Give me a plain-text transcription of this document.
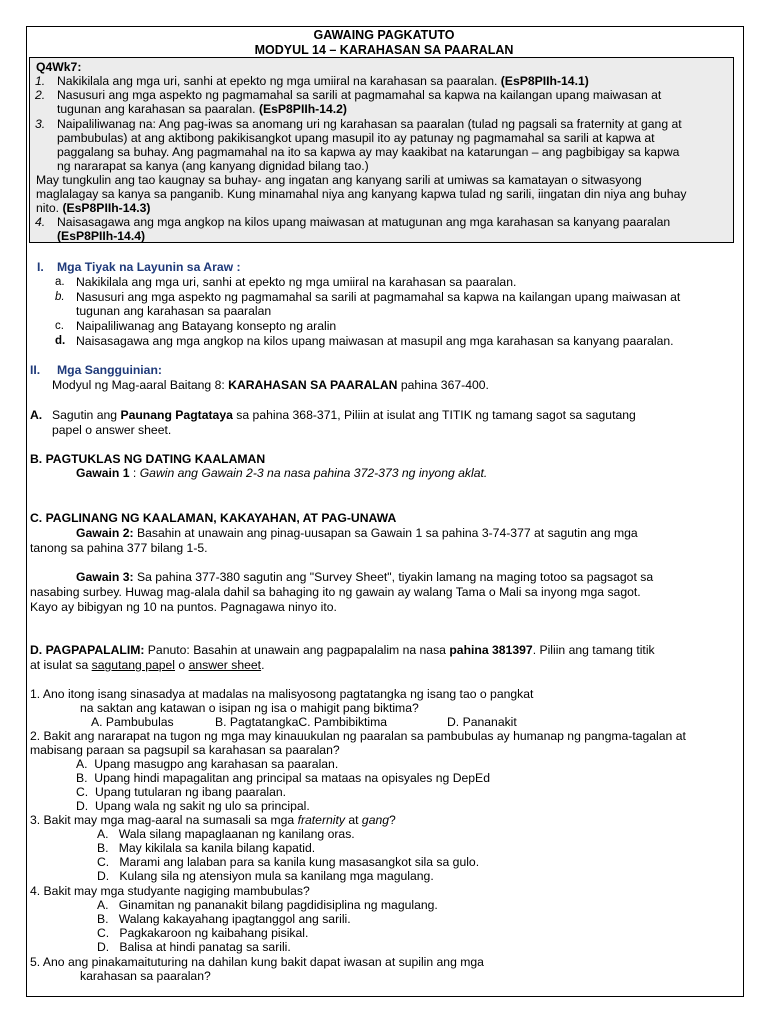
GAWAING PAGKATUTO
MODYUL 14 – KARAHASAN SA PAARALAN
Q4Wk7:
1. Nakikilala ang mga uri, sanhi at epekto ng mga umiiral na karahasan sa paaralan. (EsP8PIIh-14.1)
2. Nasusuri ang mga aspekto ng pagmamahal sa sarili at pagmamahal sa kapwa na kailangan upang maiwasan at
tugunan ang karahasan sa paaralan. (EsP8PIIh-14.2)
3. Naipaliliwanag na: Ang pag-iwas sa anomang uri ng karahasan sa paaralan (tulad ng pagsali sa fraternity at gang at
pambubulas) at ang aktibong pakikisangkot upang masupil ito ay patunay ng pagmamahal sa sarili at kapwa at
paggalang sa buhay. Ang pagmamahal na ito sa kapwa ay may kaakibat na katarungan – ang pagbibigay sa kapwa
ng nararapat sa kanya (ang kanyang dignidad bilang tao.)
May tungkulin ang tao kaugnay sa buhay- ang ingatan ang kanyang sarili at umiwas sa kamatayan o sitwasyong
maglalagay sa kanya sa panganib. Kung minamahal niya ang kanyang kapwa tulad ng sarili, iingatan din niya ang buhay
nito. (EsP8PIIh-14.3)
4. Naisasagawa ang mga angkop na kilos upang maiwasan at matugunan ang mga karahasan sa kanyang paaralan
(EsP8PIIh-14.4)
I. Mga Tiyak na Layunin sa Araw :
a. Nakikilala ang mga uri, sanhi at epekto ng mga umiiral na karahasan sa paaralan.
b. Nasusuri ang mga aspekto ng pagmamahal sa sarili at pagmamahal sa kapwa na kailangan upang maiwasan at
tugunan ang karahasan sa paaralan
c. Naipaliliwanag ang Batayang konsepto ng aralin
d. Naisasagawa ang mga angkop na kilos upang maiwasan at masupil ang mga karahasan sa kanyang paaralan.
II. Mga Sangguinian:
Modyul ng Mag-aaral Baitang 8: KARAHASAN SA PAARALAN pahina 367-400.
A. Sagutin ang Paunang Pagtataya sa pahina 368-371, Piliin at isulat ang TITIK ng tamang sagot sa sagutang
papel o answer sheet.
B. PAGTUKLAS NG DATING KAALAMAN
Gawain 1 : Gawin ang Gawain 2-3 na nasa pahina 372-373 ng inyong aklat.
C. PAGLINANG NG KAALAMAN, KAKAYAHAN, AT PAG-UNAWA
Gawain 2: Basahin at unawain ang pinag-uusapan sa Gawain 1 sa pahina 3-74-377 at sagutin ang mga
tanong sa pahina 377 bilang 1-5.
Gawain 3: Sa pahina 377-380 sagutin ang "Survey Sheet", tiyakin lamang na maging totoo sa pagsagot sa
nasabing surbey. Huwag mag-alala dahil sa bahaging ito ng gawain ay walang Tama o Mali sa inyong mga sagot.
Kayo ay bibigyan ng 10 na puntos. Pagnagawa ninyo ito.
D. PAGPAPALALIM: Panuto: Basahin at unawain ang pagpapalalim na nasa pahina 381397. Piliin ang tamang titik
at isulat sa sagutang papel o answer sheet.
1. Ano itong isang sinasadya at madalas na malisyosong pagtatangka ng isang tao o pangkat
na saktan ang katawan o isipan ng isa o mahigit pang biktima?
A. Pambubulas	B. PagtatangkaC. Pambibiktima	D. Pananakit
2. Bakit ang nararapat na tugon ng mga may kinauukulan ng paaralan sa pambubulas ay humanap ng pangma-tagalan at
mabisang paraan sa pagsupil sa karahasan sa paaralan?
A. Upang masugpo ang karahasan sa paaralan.
B. Upang hindi mapagalitan ang principal sa mataas na opisyales ng DepEd
C. Upang tutularan ng ibang paaralan.
D. Upang wala ng sakit ng ulo sa principal.
3. Bakit may mga mag-aaral na sumasali sa mga fraternity at gang?
A. Wala silang mapaglaanan ng kanilang oras.
B. May kikilala sa kanila bilang kapatid.
C. Marami ang lalaban para sa kanila kung masasangkot sila sa gulo.
D. Kulang sila ng atensiyon mula sa kanilang mga magulang.
4. Bakit may mga studyante nagiging mambubulas?
A. Ginamitan ng pananakit bilang pagdidisiplina ng magulang.
B. Walang kakayahang ipagtanggol ang sarili.
C. Pagkakaroon ng kaibahang pisikal.
D. Balisa at hindi panatag sa sarili.
5. Ano ang pinakamaituturing na dahilan kung bakit dapat iwasan at supilin ang mga
karahasan sa paaralan?
